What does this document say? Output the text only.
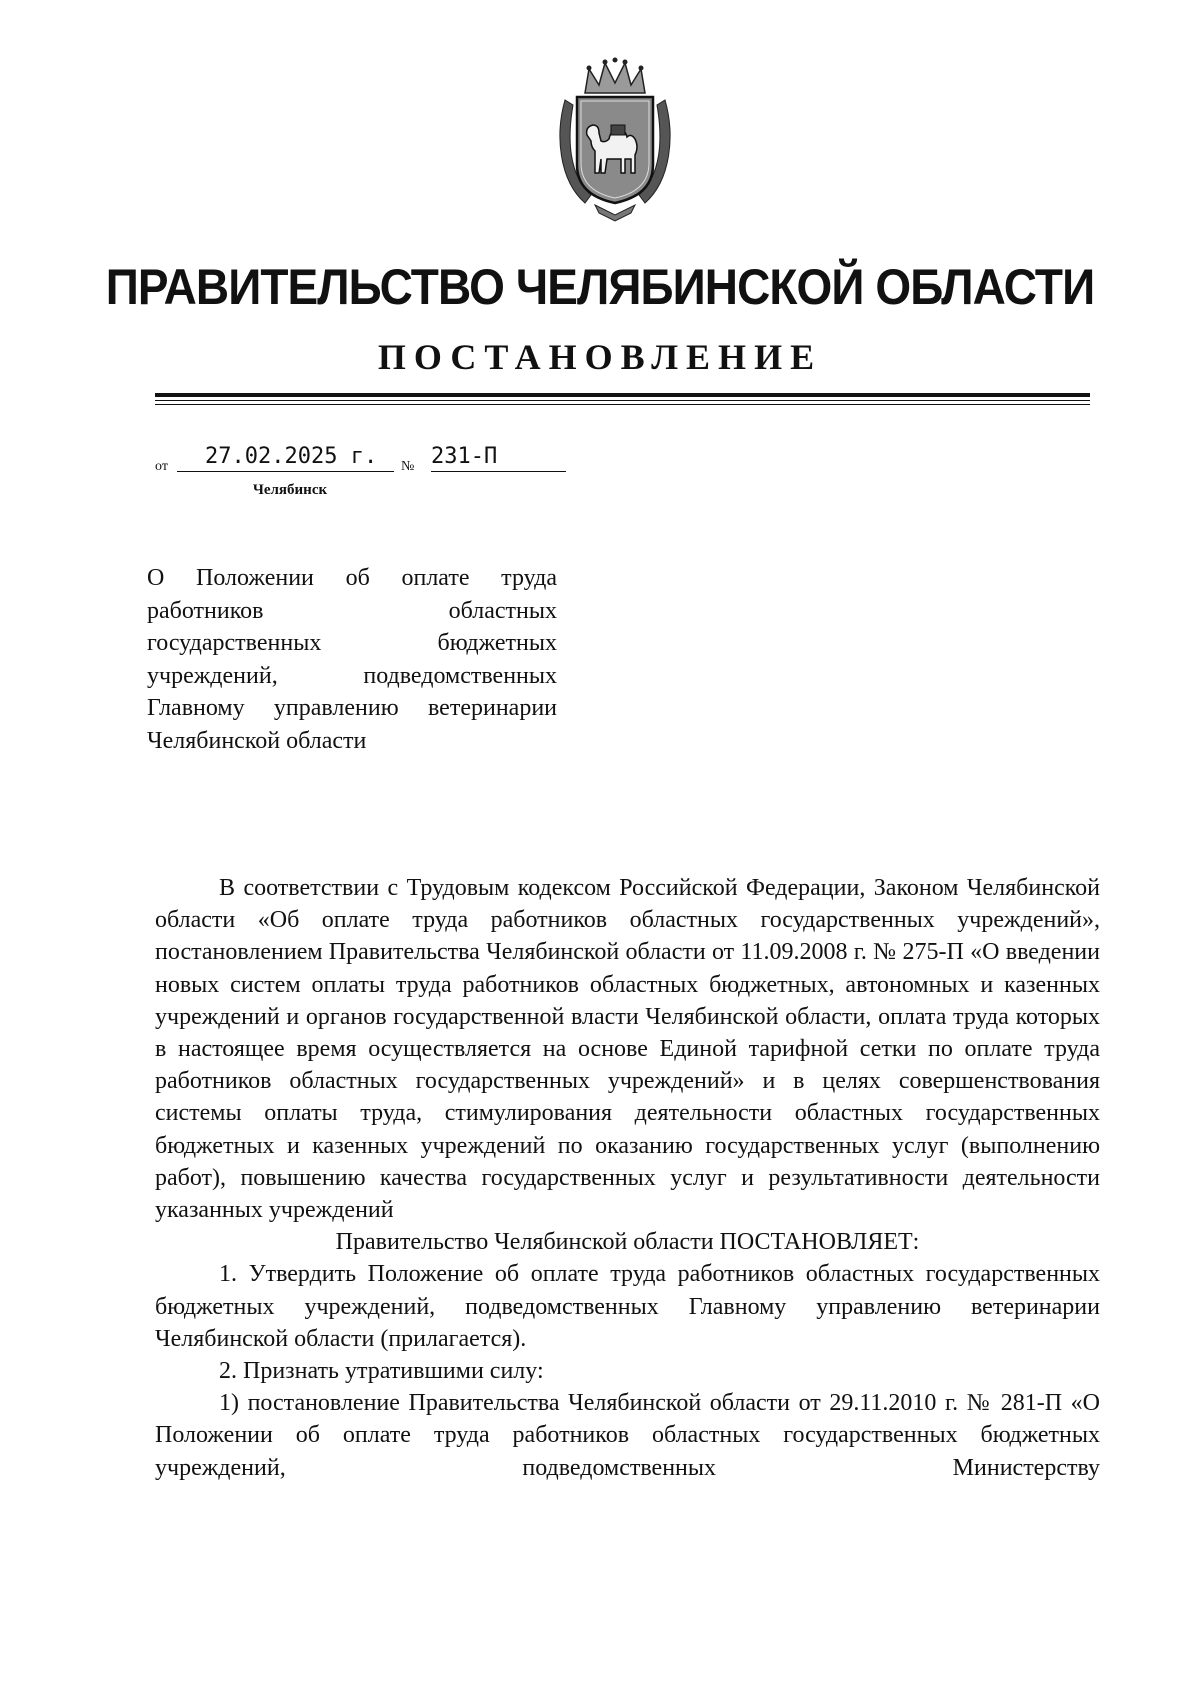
ПРАВИТЕЛЬСТВО ЧЕЛЯБИНСКОЙ ОБЛАСТИ
ПОСТАНОВЛЕНИЕ
от 27.02.2025 г. № 231-П
Челябинск
О Положении об оплате труда работников областных государственных бюджетных учреждений, подведомственных Главному управлению ветеринарии Челябинской области

В соответствии с Трудовым кодексом Российской Федерации, Законом Челябинской области «Об оплате труда работников областных государственных учреждений», постановлением Правительства Челябинской области от 11.09.2008 г. № 275-П «О введении новых систем оплаты труда работников областных бюджетных, автономных и казенных учреждений и органов государственной власти Челябинской области, оплата труда которых в настоящее время осуществляется на основе Единой тарифной сетки по оплате труда работников областных государственных учреждений» и в целях совершенствования системы оплаты труда, стимулирования деятельности областных государственных бюджетных и казенных учреждений по оказанию государственных услуг (выполнению работ), повышению качества государственных услуг и результативности деятельности указанных учреждений

Правительство Челябинской области ПОСТАНОВЛЯЕТ:

1. Утвердить Положение об оплате труда работников областных государственных бюджетных учреждений, подведомственных Главному управлению ветеринарии Челябинской области (прилагается).

2. Признать утратившими силу:

1) постановление Правительства Челябинской области от 29.11.2010 г. № 281-П «О Положении об оплате труда работников областных государственных бюджетных учреждений, подведомственных Министерству
